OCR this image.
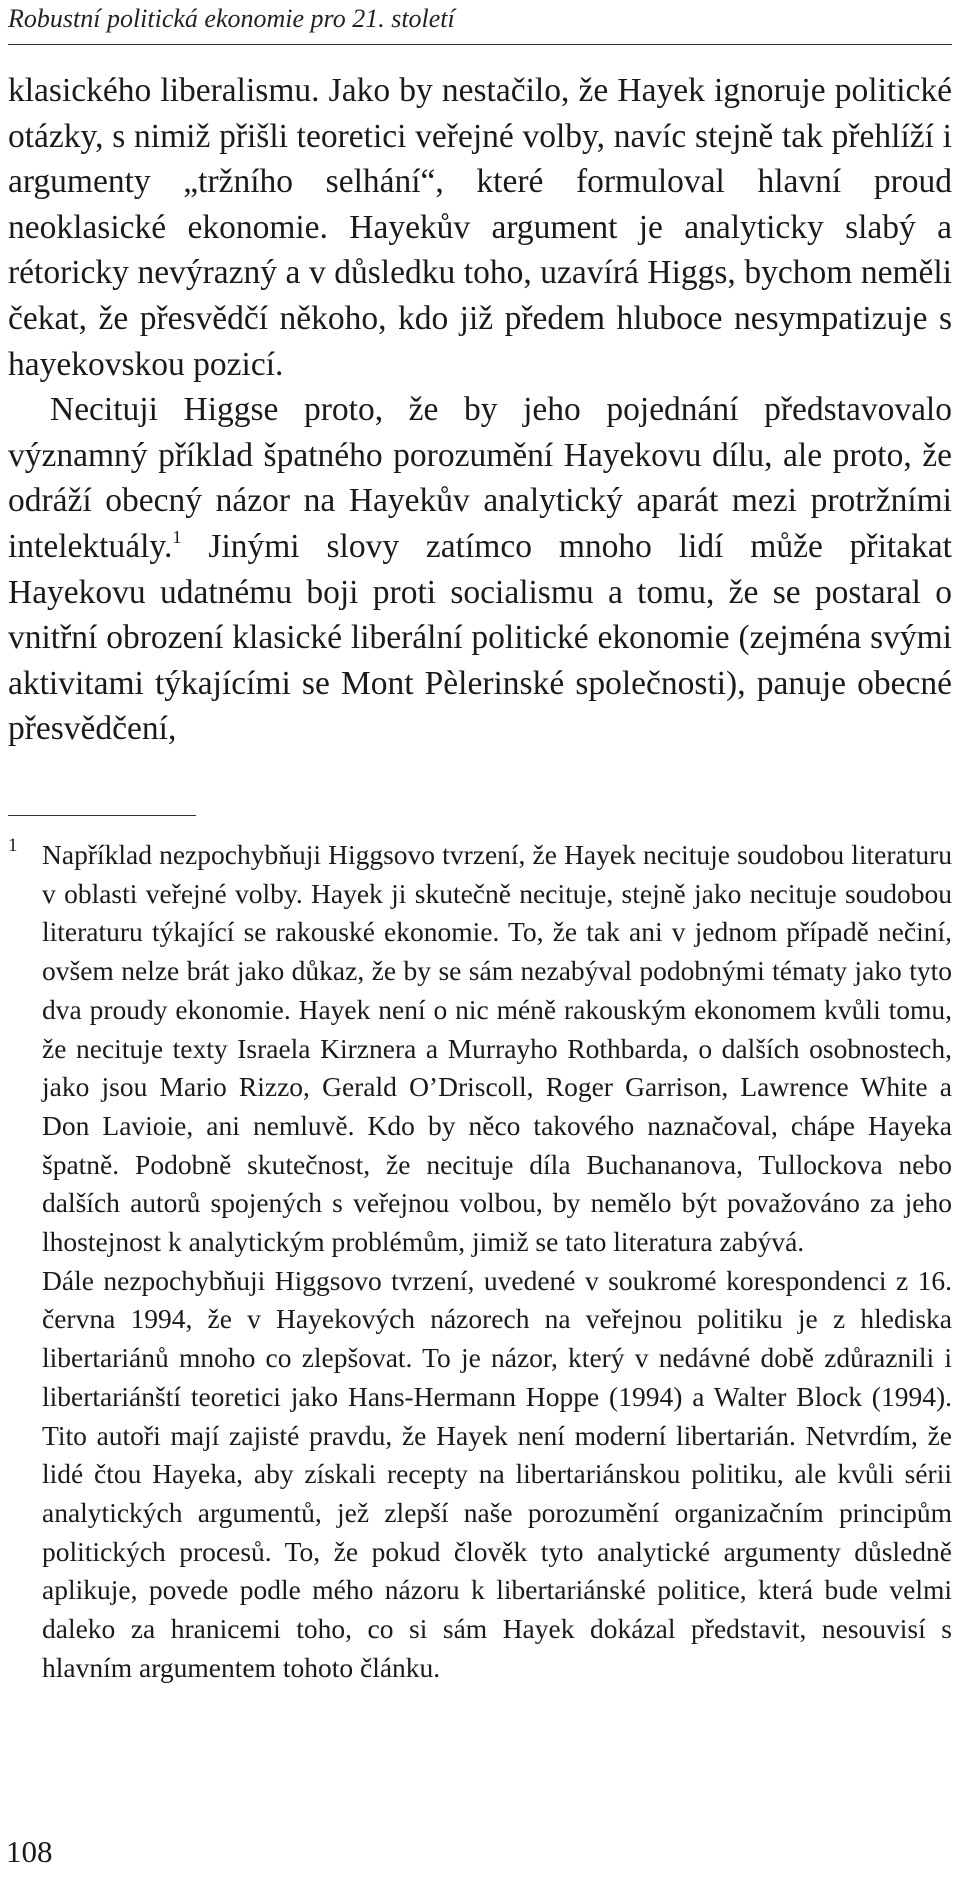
Robustní politická ekonomie pro 21. století

klasického liberalismu. Jako by nestačilo, že Hayek ignoruje politické otázky, s nimiž přišli teoretici veřejné volby, navíc stejně tak přehlíží i argumenty „tržního selhání“, které formuloval hlavní proud neoklasické ekonomie. Hayekův argument je analyticky slabý a rétoricky nevýrazný a v důsledku toho, uzavírá Higgs, bychom neměli čekat, že přesvědčí někoho, kdo již předem hluboce nesympatizuje s hayekovskou pozicí.

Necituji Higgse proto, že by jeho pojednání představovalo významný příklad špatného porozumění Hayekovu dílu, ale proto, že odráží obecný názor na Hayekův analytický aparát mezi protržními intelektuály.$^1$ Jinými slovy zatímco mnoho lidí může přitakat Hayekovu udatnému boji proti socialismu a tomu, že se postaral o vnitřní obrození klasické liberální politické ekonomie (zejména svými aktivitami týkajícími se Mont Pèlerinské společnosti), panuje obecné přesvědčení,

1 Například nezpochybňuji Higgsovo tvrzení, že Hayek necituje soudobou literaturu v oblasti veřejné volby. Hayek ji skutečně necituje, stejně jako necituje soudobou literaturu týkající se rakouské ekonomie. To, že tak ani v jednom případě nečiní, ovšem nelze brát jako důkaz, že by se sám nezabýval podobnými tématy jako tyto dva proudy ekonomie. Hayek není o nic méně rakouským ekonomem kvůli tomu, že necituje texty Israela Kirznera a Murrayho Rothbarda, o dalších osobnostech, jako jsou Mario Rizzo, Gerald O’Driscoll, Roger Garrison, Lawrence White a Don Lavioie, ani nemluvě. Kdo by něco takového naznačoval, chápe Hayeka špatně. Podobně skutečnost, že necituje díla Buchananova, Tullockova nebo dalších autorů spojených s veřejnou volbou, by nemělo být považováno za jeho lhostejnost k analytickým problémům, jimiž se tato literatura zabývá.

Dále nezpochybňuji Higgsovo tvrzení, uvedené v soukromé korespondenci z 16. června 1994, že v Hayekových názorech na veřejnou politiku je z hlediska libertariánů mnoho co zlepšovat. To je názor, který v nedávné době zdůraznili i libertariánští teoretici jako Hans-Hermann Hoppe (1994) a Walter Block (1994). Tito autoři mají zajisté pravdu, že Hayek není moderní libertarián. Netvrdím, že lidé čtou Hayeka, aby získali recepty na libertariánskou politiku, ale kvůli sérii analytických argumentů, jež zlepší naše porozumění organizačním principům politických procesů. To, že pokud člověk tyto analytické argumenty důsledně aplikuje, povede podle mého názoru k libertariánské politice, která bude velmi daleko za hranicemi toho, co si sám Hayek dokázal představit, nesouvisí s hlavním argumentem tohoto článku.

108
